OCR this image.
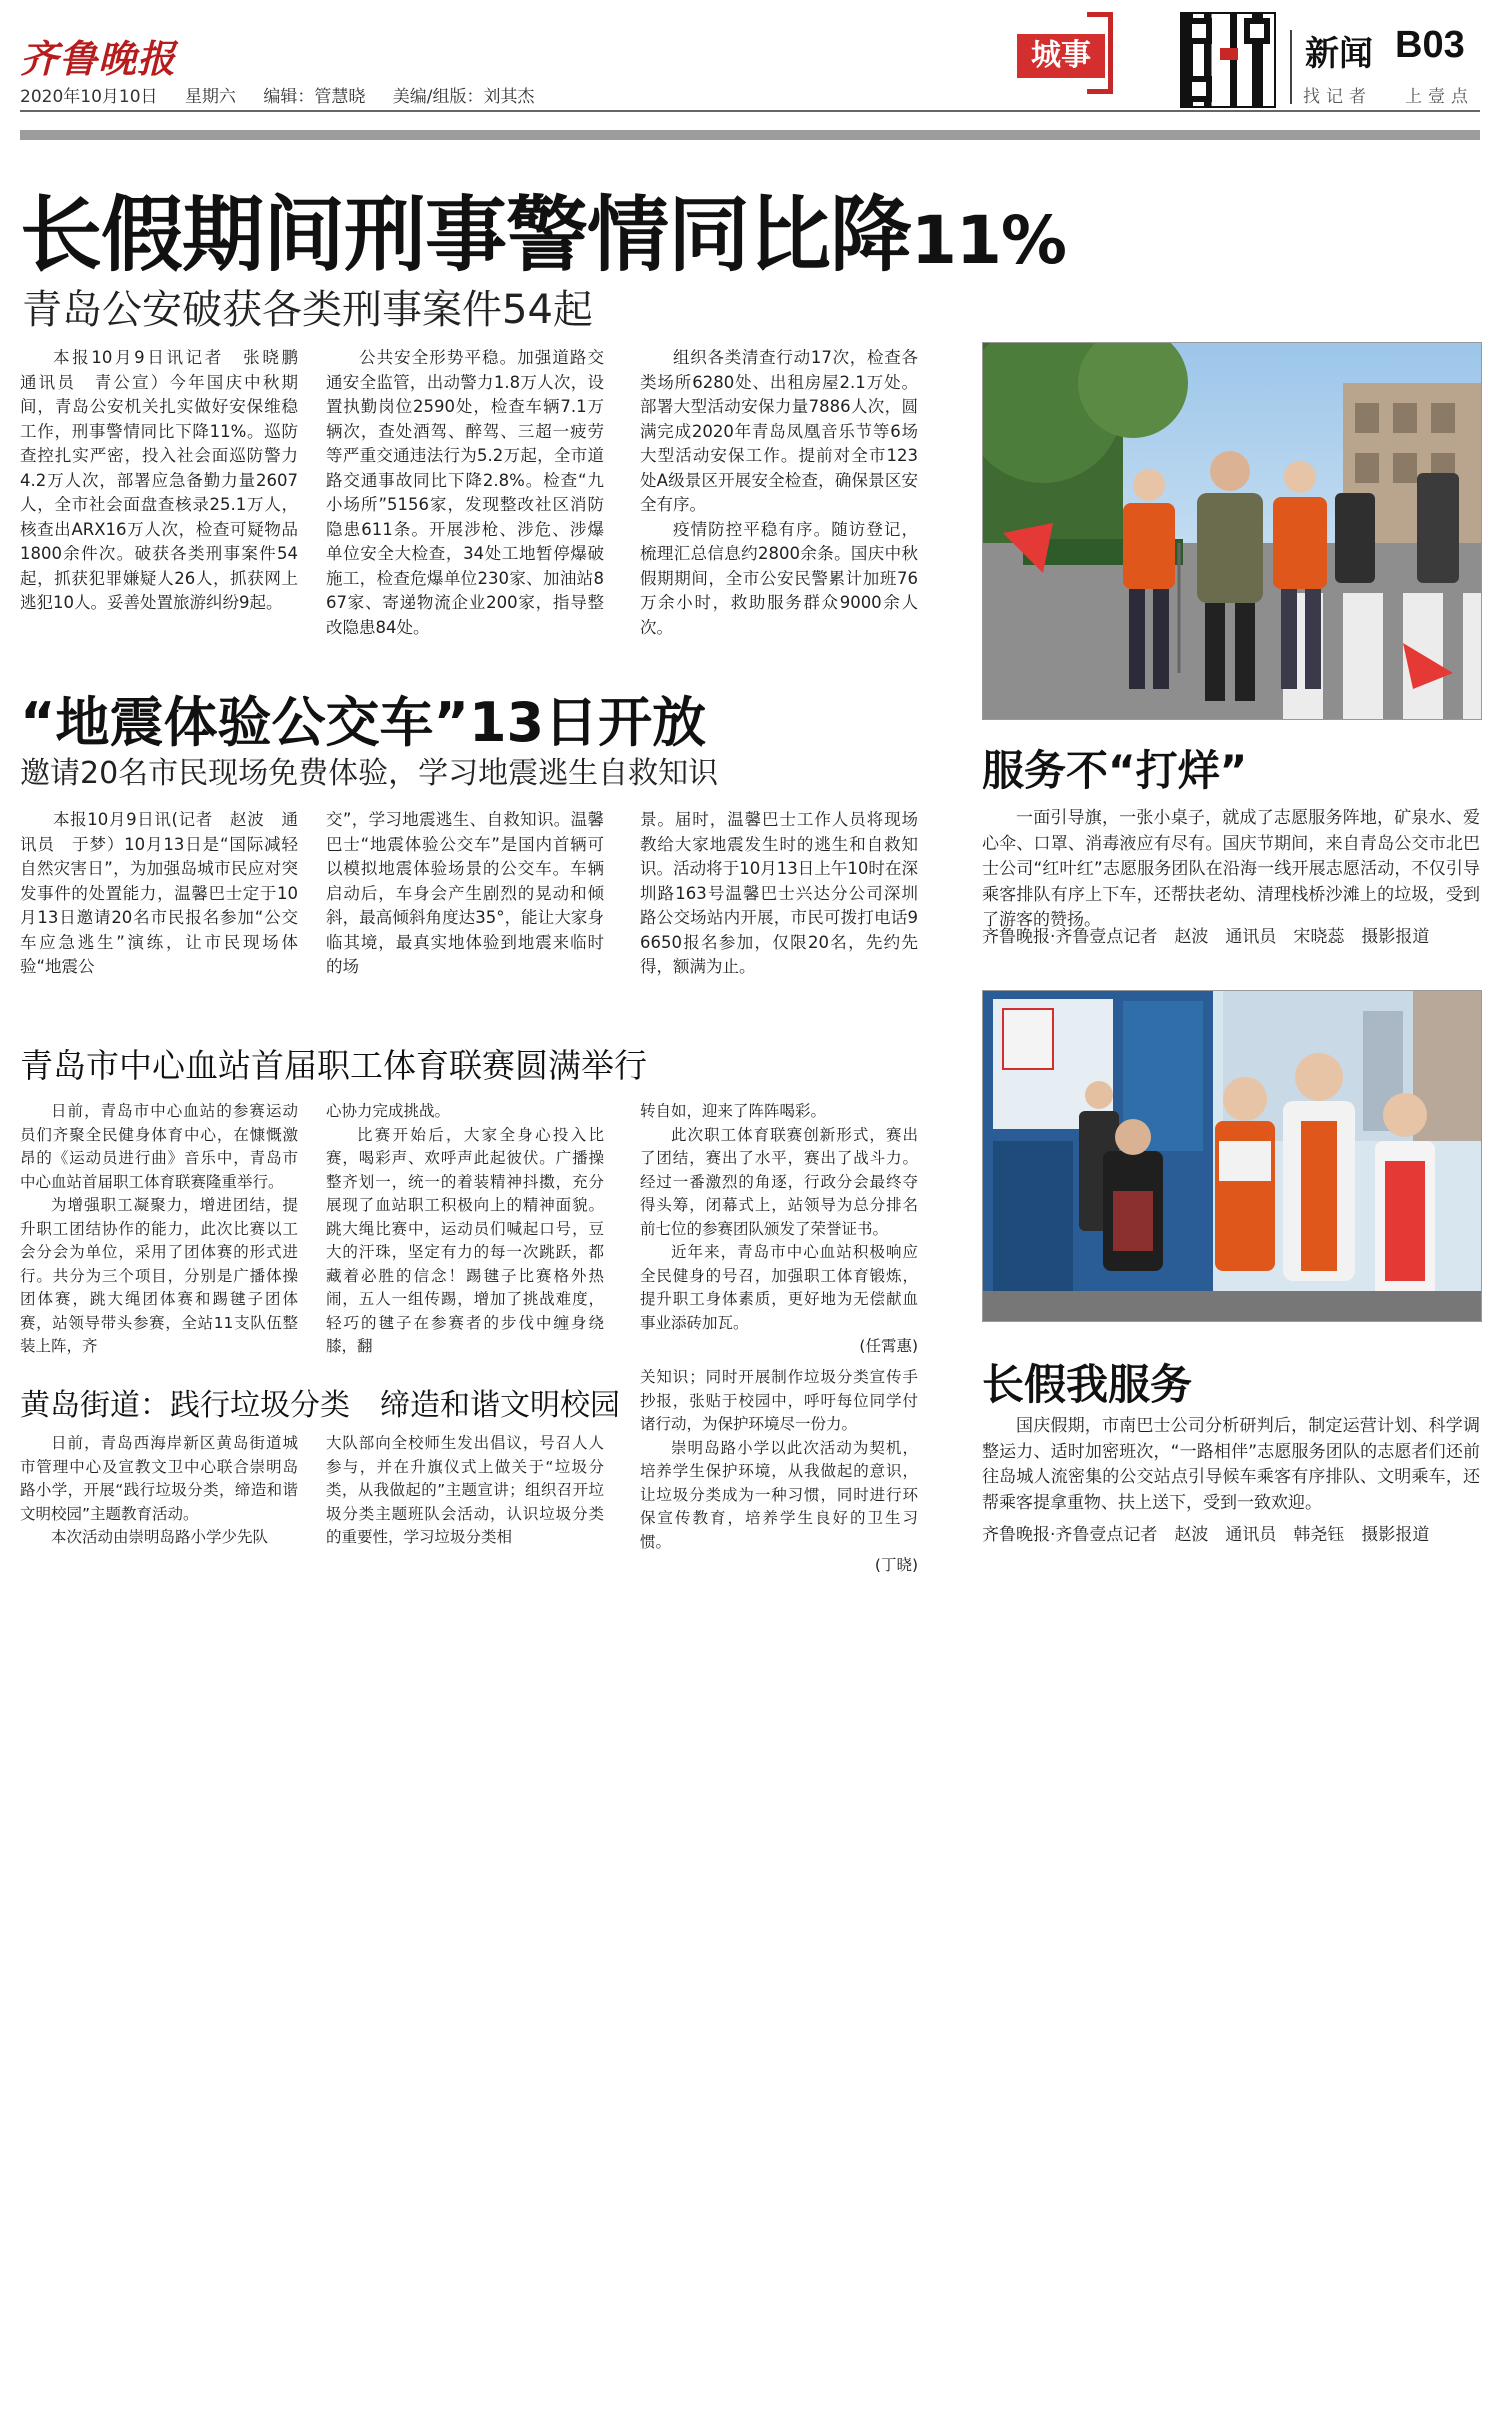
齐鲁晚报
2020年10月10日 星期六 编辑：管慧晓 美编/组版：刘其杰
城事	新闻 B03
找记者 上壹点
长假期间刑事警情同比降11%
青岛公安破获各类刑事案件54起

本报10月9日讯记者　张晓鹏　通讯员　青公宣）今年国庆中秋期间，青岛公安机关扎实做好安保维稳工作，刑事警情同比下降11%。巡防查控扎实严密，投入社会面巡防警力4.2万人次，部署应急备勤力量2607人，全市社会面盘查核录25.1万人，核查出ARX16万人次，检查可疑物品1800余件次。破获各类刑事案件54起，抓获犯罪嫌疑人26人，抓获网上逃犯10人。妥善处置旅游纠纷9起。

公共安全形势平稳。加强道路交通安全监管，出动警力1.8万人次，设置执勤岗位2590处，检查车辆7.1万辆次，查处酒驾、醉驾、三超一疲劳等严重交通违法行为5.2万起，全市道路交通事故同比下降2.8%。检查“九小场所”5156家，发现整改社区消防隐患611条。开展涉枪、涉危、涉爆单位安全大检查，34处工地暂停爆破施工，检查危爆单位230家、加油站867家、寄递物流企业200家，指导整改隐患84处。

组织各类清查行动17次，检查各类场所6280处、出租房屋2.1万处。部署大型活动安保力量7886人次，圆满完成2020年青岛凤凰音乐节等6场大型活动安保工作。提前对全市123处A级景区开展安全检查，确保景区安全有序。

疫情防控平稳有序。随访登记，梳理汇总信息约2800余条。国庆中秋假期期间，全市公安民警累计加班76万余小时，救助服务群众9000余人次。

“地震体验公交车”13日开放
邀请20名市民现场免费体验，学习地震逃生自救知识

本报10月9日讯(记者　赵波　通讯员　于梦）10月13日是“国际减轻自然灾害日”，为加强岛城市民应对突发事件的处置能力，温馨巴士定于10月13日邀请20名市民报名参加“公交车应急逃生”演练，让市民现场体验“地震公

交”，学习地震逃生、自救知识。温馨巴士“地震体验公交车”是国内首辆可以模拟地震体验场景的公交车。车辆启动后，车身会产生剧烈的晃动和倾斜，最高倾斜角度达35°，能让大家身临其境，最真实地体验到地震来临时的场

景。届时，温馨巴士工作人员将现场教给大家地震发生时的逃生和自救知识。活动将于10月13日上午10时在深圳路163号温馨巴士兴达分公司深圳路公交场站内开展，市民可拨打电话96650报名参加，仅限20名，先约先得，额满为止。

青岛市中心血站首届职工体育联赛圆满举行

日前，青岛市中心血站的参赛运动员们齐聚全民健身体育中心，在慷慨激昂的《运动员进行曲》音乐中，青岛市中心血站首届职工体育联赛隆重举行。

为增强职工凝聚力，增进团结，提升职工团结协作的能力，此次比赛以工会分会为单位，采用了团体赛的形式进行。共分为三个项目，分别是广播体操团体赛，跳大绳团体赛和踢毽子团体赛，站领导带头参赛，全站11支队伍整装上阵，齐

心协力完成挑战。

比赛开始后，大家全身心投入比赛，喝彩声、欢呼声此起彼伏。广播操整齐划一，统一的着装精神抖擞，充分展现了血站职工积极向上的精神面貌。跳大绳比赛中，运动员们喊起口号，豆大的汗珠，坚定有力的每一次跳跃，都藏着必胜的信念！踢毽子比赛格外热闹，五人一组传踢，增加了挑战难度，轻巧的毽子在参赛者的步伐中缠身绕膝，翻

转自如，迎来了阵阵喝彩。

此次职工体育联赛创新形式，赛出了团结，赛出了水平，赛出了战斗力。经过一番激烈的角逐，行政分会最终夺得头筹，闭幕式上，站领导为总分排名前七位的参赛团队颁发了荣誉证书。

近年来，青岛市中心血站积极响应全民健身的号召，加强职工体育锻炼，提升职工身体素质，更好地为无偿献血事业添砖加瓦。

(任霄惠)

黄岛街道：践行垃圾分类　缔造和谐文明校园

日前，青岛西海岸新区黄岛街道城市管理中心及宣教文卫中心联合崇明岛路小学，开展“践行垃圾分类，缔造和谐文明校园”主题教育活动。

本次活动由崇明岛路小学少先队

大队部向全校师生发出倡议，号召人人参与，并在升旗仪式上做关于“垃圾分类，从我做起的”主题宣讲；组织召开垃圾分类主题班队会活动，认识垃圾分类的重要性，学习垃圾分类相

关知识；同时开展制作垃圾分类宣传手抄报，张贴于校园中，呼吁每位同学付诸行动，为保护环境尽一份力。

崇明岛路小学以此次活动为契机，培养学生保护环境，从我做起的意识，让垃圾分类成为一种习惯，同时进行环保宣传教育，培养学生良好的卫生习惯。

(丁晓)

服务不“打烊”
一面引导旗，一张小桌子，就成了志愿服务阵地，矿泉水、爱心伞、口罩、消毒液应有尽有。国庆节期间，来自青岛公交市北巴士公司“红叶红”志愿服务团队在沿海一线开展志愿活动，不仅引导乘客排队有序上下车，还帮扶老幼、清理栈桥沙滩上的垃圾，受到了游客的赞扬。
齐鲁晚报·齐鲁壹点记者　赵波　通讯员　宋晓蕊　摄影报道
长假我服务
国庆假期，市南巴士公司分析研判后，制定运营计划、科学调整运力、适时加密班次，“一路相伴”志愿服务团队的志愿者们还前往岛城人流密集的公交站点引导候车乘客有序排队、文明乘车，还帮乘客提拿重物、扶上送下，受到一致欢迎。
齐鲁晚报·齐鲁壹点记者　赵波　通讯员　韩尧钰　摄影报道
